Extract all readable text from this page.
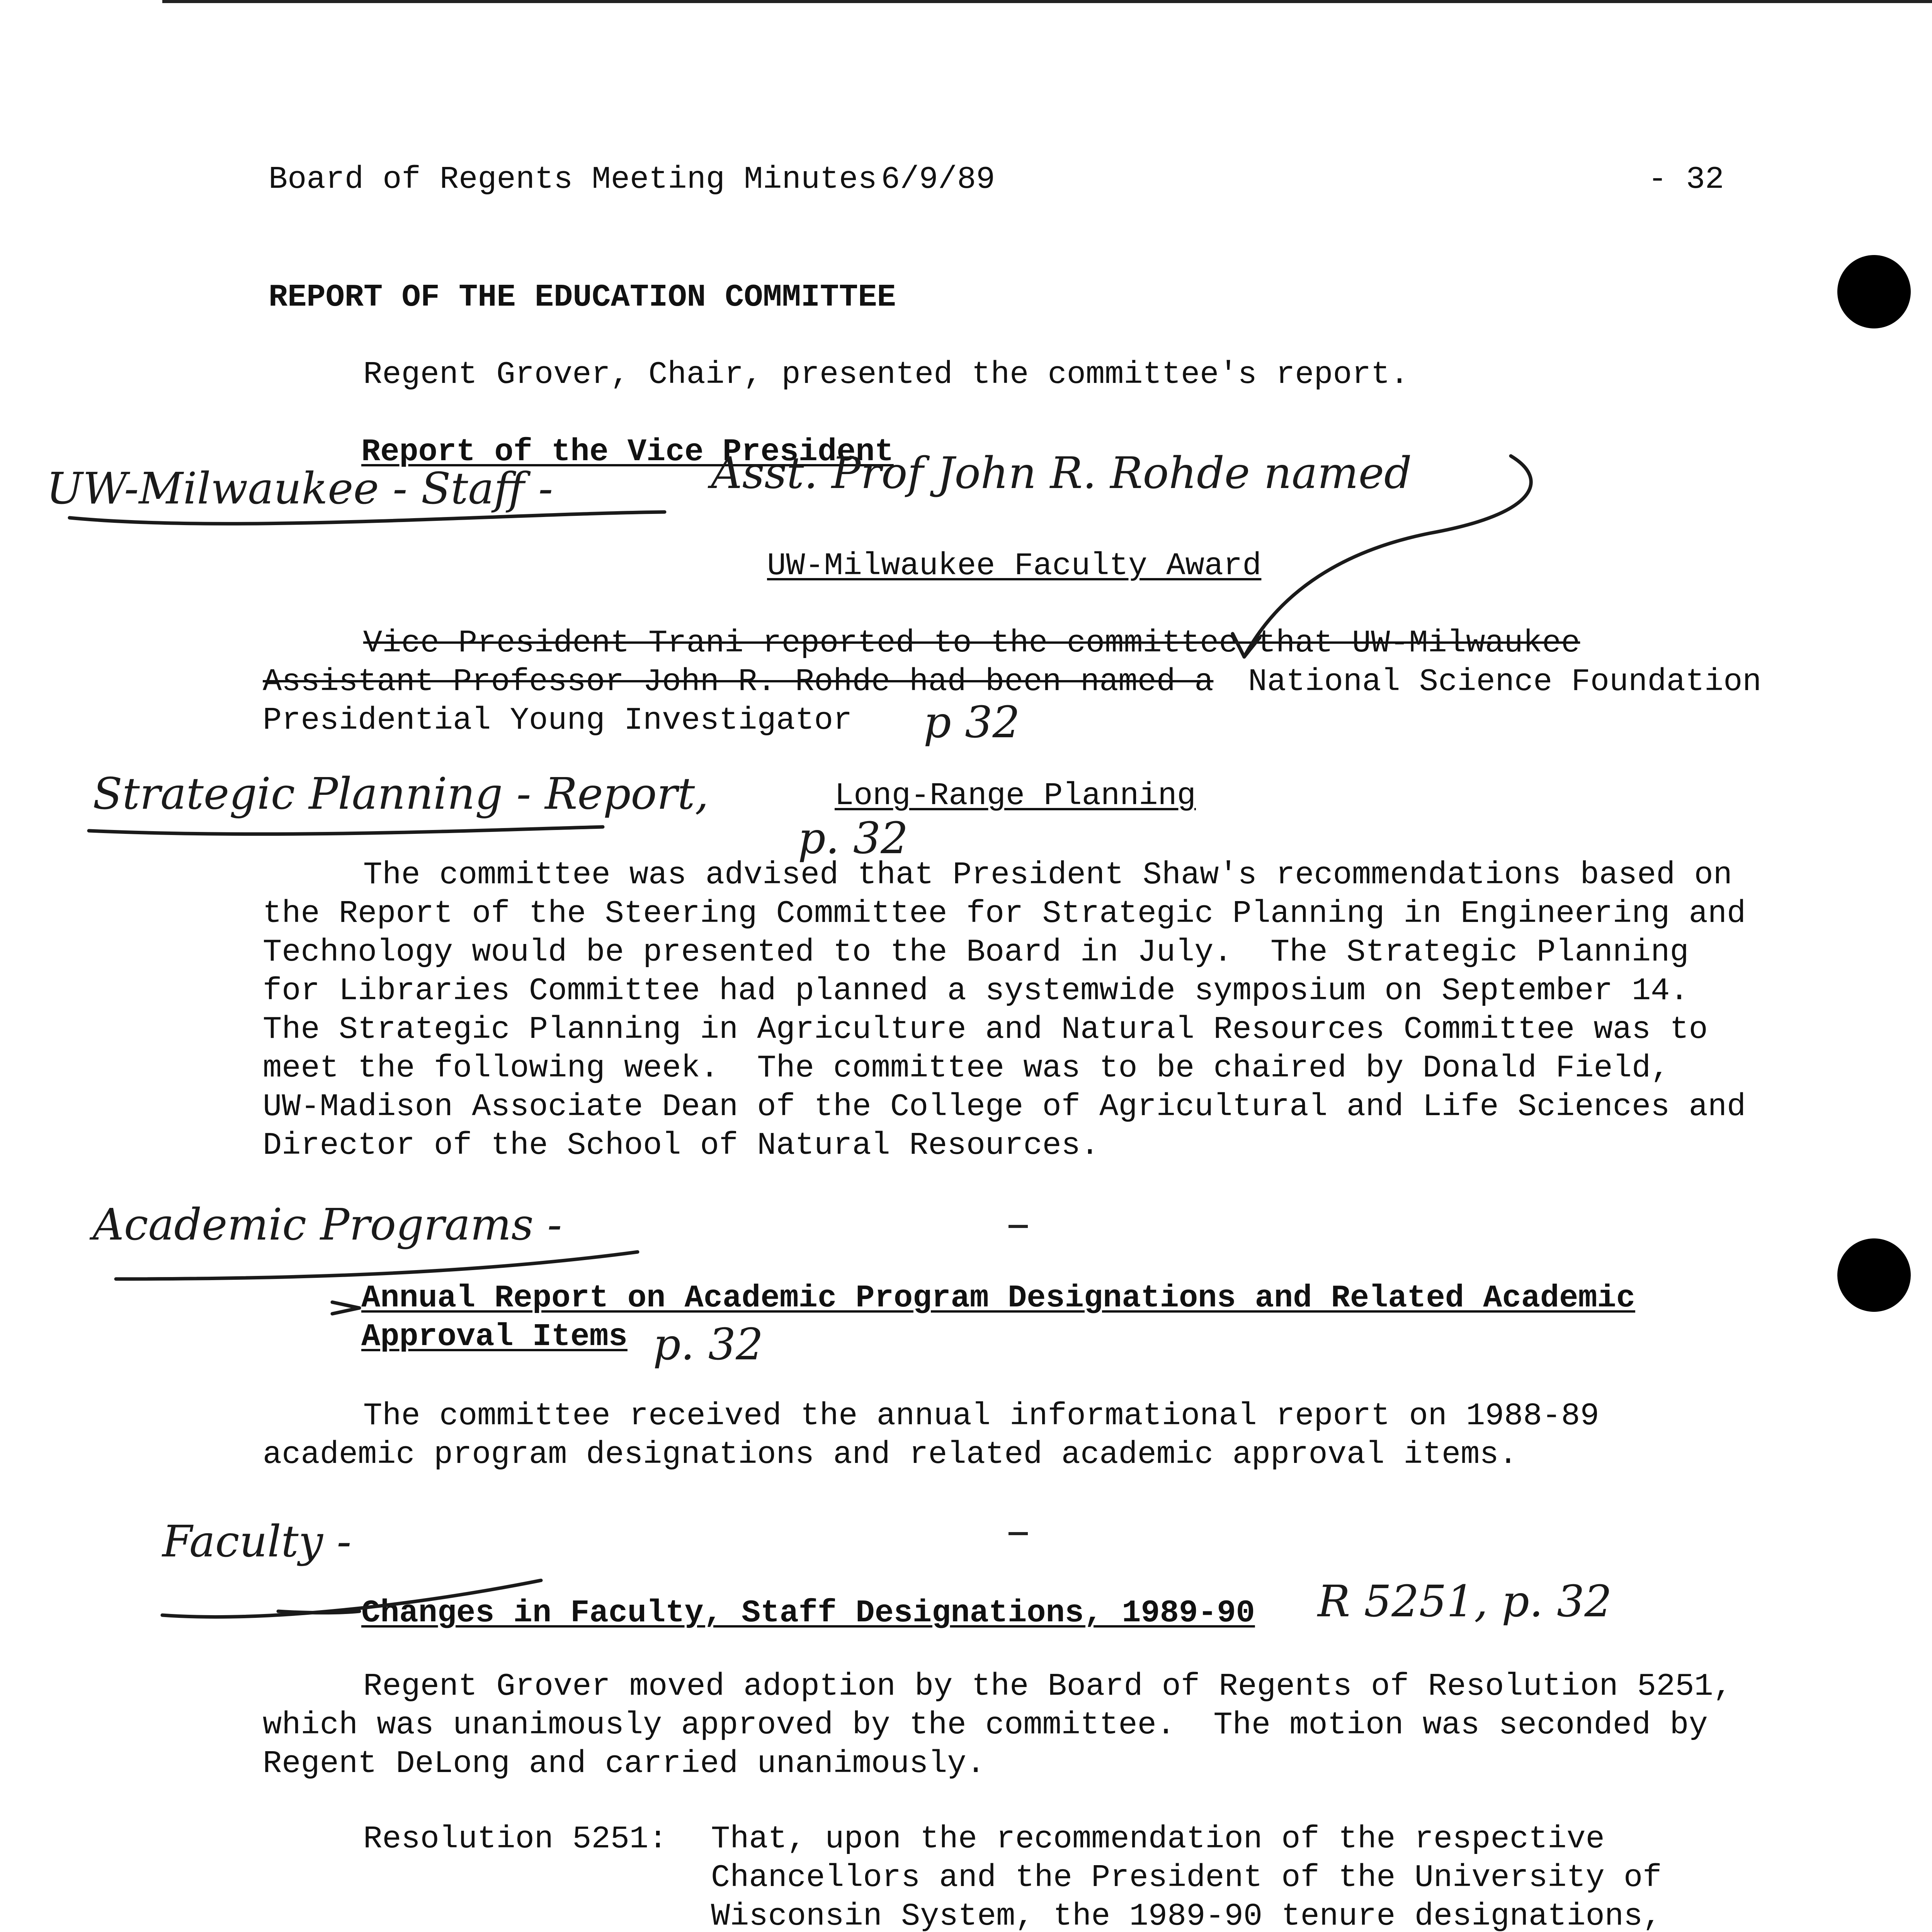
Board of Regents Meeting Minutes 6/9/89	- 32
REPORT OF THE EDUCATION COMMITTEE
Regent Grover, Chair, presented the committee's report.
Report of the Vice President
UW-Milwaukee - Staff -	Asst. Prof John R. Rohde named
UW-Milwaukee Faculty Award
Vice President Trani reported to the committee that UW-Milwaukee
Assistant Professor John R. Rohde had been named a National Science Foundation
Presidential Young Investigator p 32
Strategic Planning - Report,	Long-Range Planning
p. 32
The committee was advised that President Shaw's recommendations based on
the Report of the Steering Committee for Strategic Planning in Engineering and
Technology would be presented to the Board in July.  The Strategic Planning
for Libraries Committee had planned a systemwide symposium on September 14.
The Strategic Planning in Agriculture and Natural Resources Committee was to
meet the following week.  The committee was to be chaired by Donald Field,
UW-Madison Associate Dean of the College of Agricultural and Life Sciences and
Director of the School of Natural Resources.
Academic Programs -
Annual Report on Academic Program Designations and Related Academic
Approval Items p. 32
The committee received the annual informational report on 1988-89
academic program designations and related academic approval items.
Faculty -
Changes in Faculty, Staff Designations, 1989-90 R 5251, p. 32
Regent Grover moved adoption by the Board of Regents of Resolution 5251,
which was unanimously approved by the committee.  The motion was seconded by
Regent DeLong and carried unanimously.
Resolution 5251: That, upon the recommendation of the respective
Chancellors and the President of the University of
Wisconsin System, the 1989-90 tenure designations,
